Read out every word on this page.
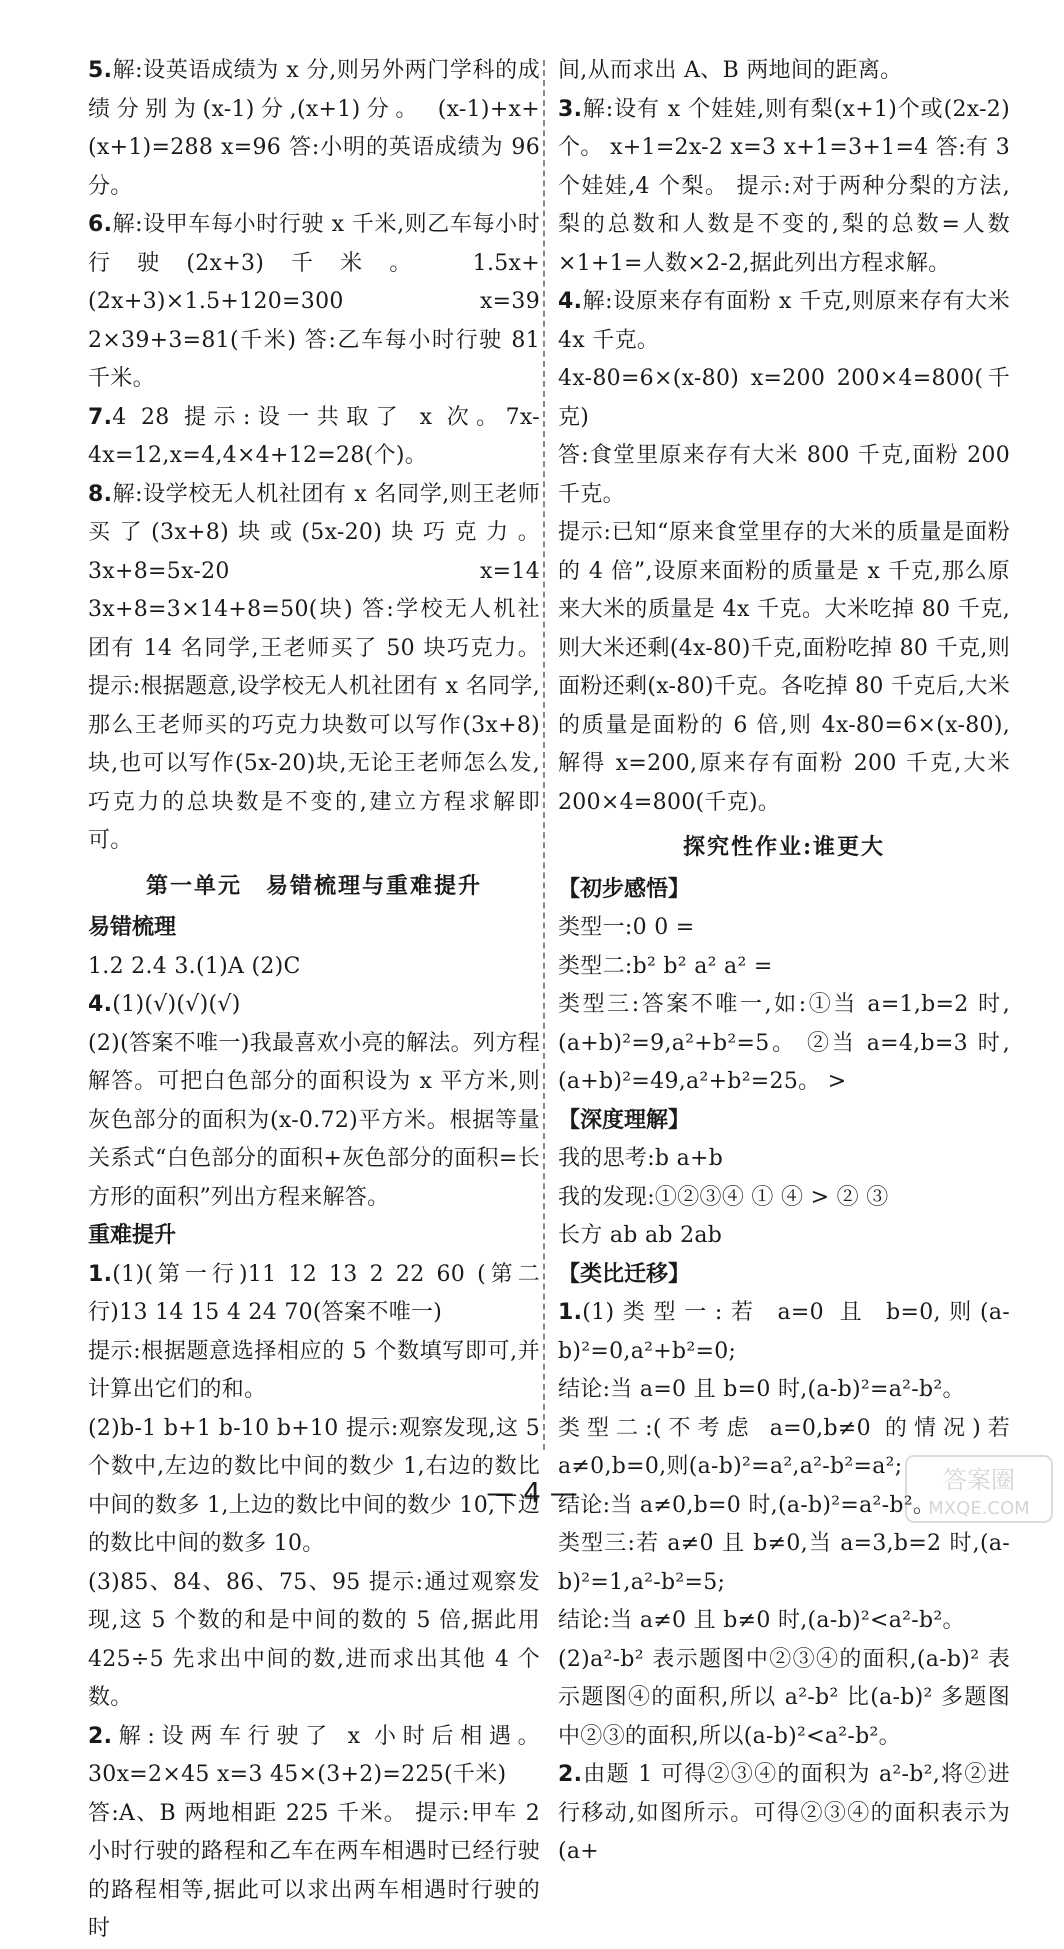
5.解:设英语成绩为 x 分,则另外两门学科的成绩分别为(x-1)分,(x+1)分。 (x-1)+x+(x+1)=288 x=96 答:小明的英语成绩为 96 分。
6.解:设甲车每小时行驶 x 千米,则乙车每小时行驶(2x+3)千米。 1.5x+(2x+3)×1.5+120=300 x=39 2×39+3=81(千米) 答:乙车每小时行驶 81 千米。
7.4 28 提示:设一共取了 x 次。7x-4x=12,x=4,4×4+12=28(个)。
8.解:设学校无人机社团有 x 名同学,则王老师买了(3x+8)块或(5x-20)块巧克力。 3x+8=5x-20 x=14 3x+8=3×14+8=50(块) 答:学校无人机社团有 14 名同学,王老师买了 50 块巧克力。 提示:根据题意,设学校无人机社团有 x 名同学,那么王老师买的巧克力块数可以写作(3x+8)块,也可以写作(5x-20)块,无论王老师怎么发,巧克力的总块数是不变的,建立方程求解即可。
第一单元　易错梳理与重难提升
易错梳理
1.2 2.4 3.(1)A (2)C
4.(1)(√)(√)(√)
(2)(答案不唯一)我最喜欢小亮的解法。列方程解答。可把白色部分的面积设为 x 平方米,则灰色部分的面积为(x-0.72)平方米。根据等量关系式“白色部分的面积+灰色部分的面积=长方形的面积”列出方程来解答。
重难提升
1.(1)(第一行)11 12 13 2 22 60 (第二行)13 14 15 4 24 70(答案不唯一)
提示:根据题意选择相应的 5 个数填写即可,并计算出它们的和。
(2)b-1 b+1 b-10 b+10 提示:观察发现,这 5 个数中,左边的数比中间的数少 1,右边的数比中间的数多 1,上边的数比中间的数少 10,下边的数比中间的数多 10。
(3)85、84、86、75、95 提示:通过观察发现,这 5 个数的和是中间的数的 5 倍,据此用 425÷5 先求出中间的数,进而求出其他 4 个数。
2.解:设两车行驶了 x 小时后相遇。 30x=2×45 x=3 45×(3+2)=225(千米)
答:A、B 两地相距 225 千米。 提示:甲车 2 小时行驶的路程和乙车在两车相遇时已经行驶的路程相等,据此可以求出两车相遇时行驶的时
间,从而求出 A、B 两地间的距离。
3.解:设有 x 个娃娃,则有梨(x+1)个或(2x-2)个。 x+1=2x-2 x=3 x+1=3+1=4 答:有 3 个娃娃,4 个梨。 提示:对于两种分梨的方法,梨的总数和人数是不变的,梨的总数=人数×1+1=人数×2-2,据此列出方程求解。
4.解:设原来存有面粉 x 千克,则原来存有大米 4x 千克。
4x-80=6×(x-80) x=200 200×4=800(千克)
答:食堂里原来存有大米 800 千克,面粉 200 千克。
提示:已知“原来食堂里存的大米的质量是面粉的 4 倍”,设原来面粉的质量是 x 千克,那么原来大米的质量是 4x 千克。大米吃掉 80 千克,则大米还剩(4x-80)千克,面粉吃掉 80 千克,则面粉还剩(x-80)千克。各吃掉 80 千克后,大米的质量是面粉的 6 倍,则 4x-80=6×(x-80),解得 x=200,原来存有面粉 200 千克,大米 200×4=800(千克)。
探究性作业:谁更大
【初步感悟】
类型一:0 0 =
类型二:b² b² a² a² =
类型三:答案不唯一,如:①当 a=1,b=2 时,(a+b)²=9,a²+b²=5。 ②当 a=4,b=3 时,(a+b)²=49,a²+b²=25。 >
【深度理解】
我的思考:b a+b
我的发现:①②③④ ① ④ > ② ③
长方 ab ab 2ab
【类比迁移】
1.(1)类型一:若 a=0 且 b=0,则(a-b)²=0,a²+b²=0;
结论:当 a=0 且 b=0 时,(a-b)²=a²-b²。
类型二:(不考虑 a=0,b≠0 的情况)若 a≠0,b=0,则(a-b)²=a²,a²-b²=a²;
结论:当 a≠0,b=0 时,(a-b)²=a²-b²。
类型三:若 a≠0 且 b≠0,当 a=3,b=2 时,(a-b)²=1,a²-b²=5;
结论:当 a≠0 且 b≠0 时,(a-b)²<a²-b²。
(2)a²-b² 表示题图中②③④的面积,(a-b)² 表示题图④的面积,所以 a²-b² 比(a-b)² 多题图中②③的面积,所以(a-b)²<a²-b²。
2.由题 1 可得②③④的面积为 a²-b²,将②进行移动,如图所示。可得②③④的面积表示为(a+
— 4 —	答案圈
MXQE.COM
